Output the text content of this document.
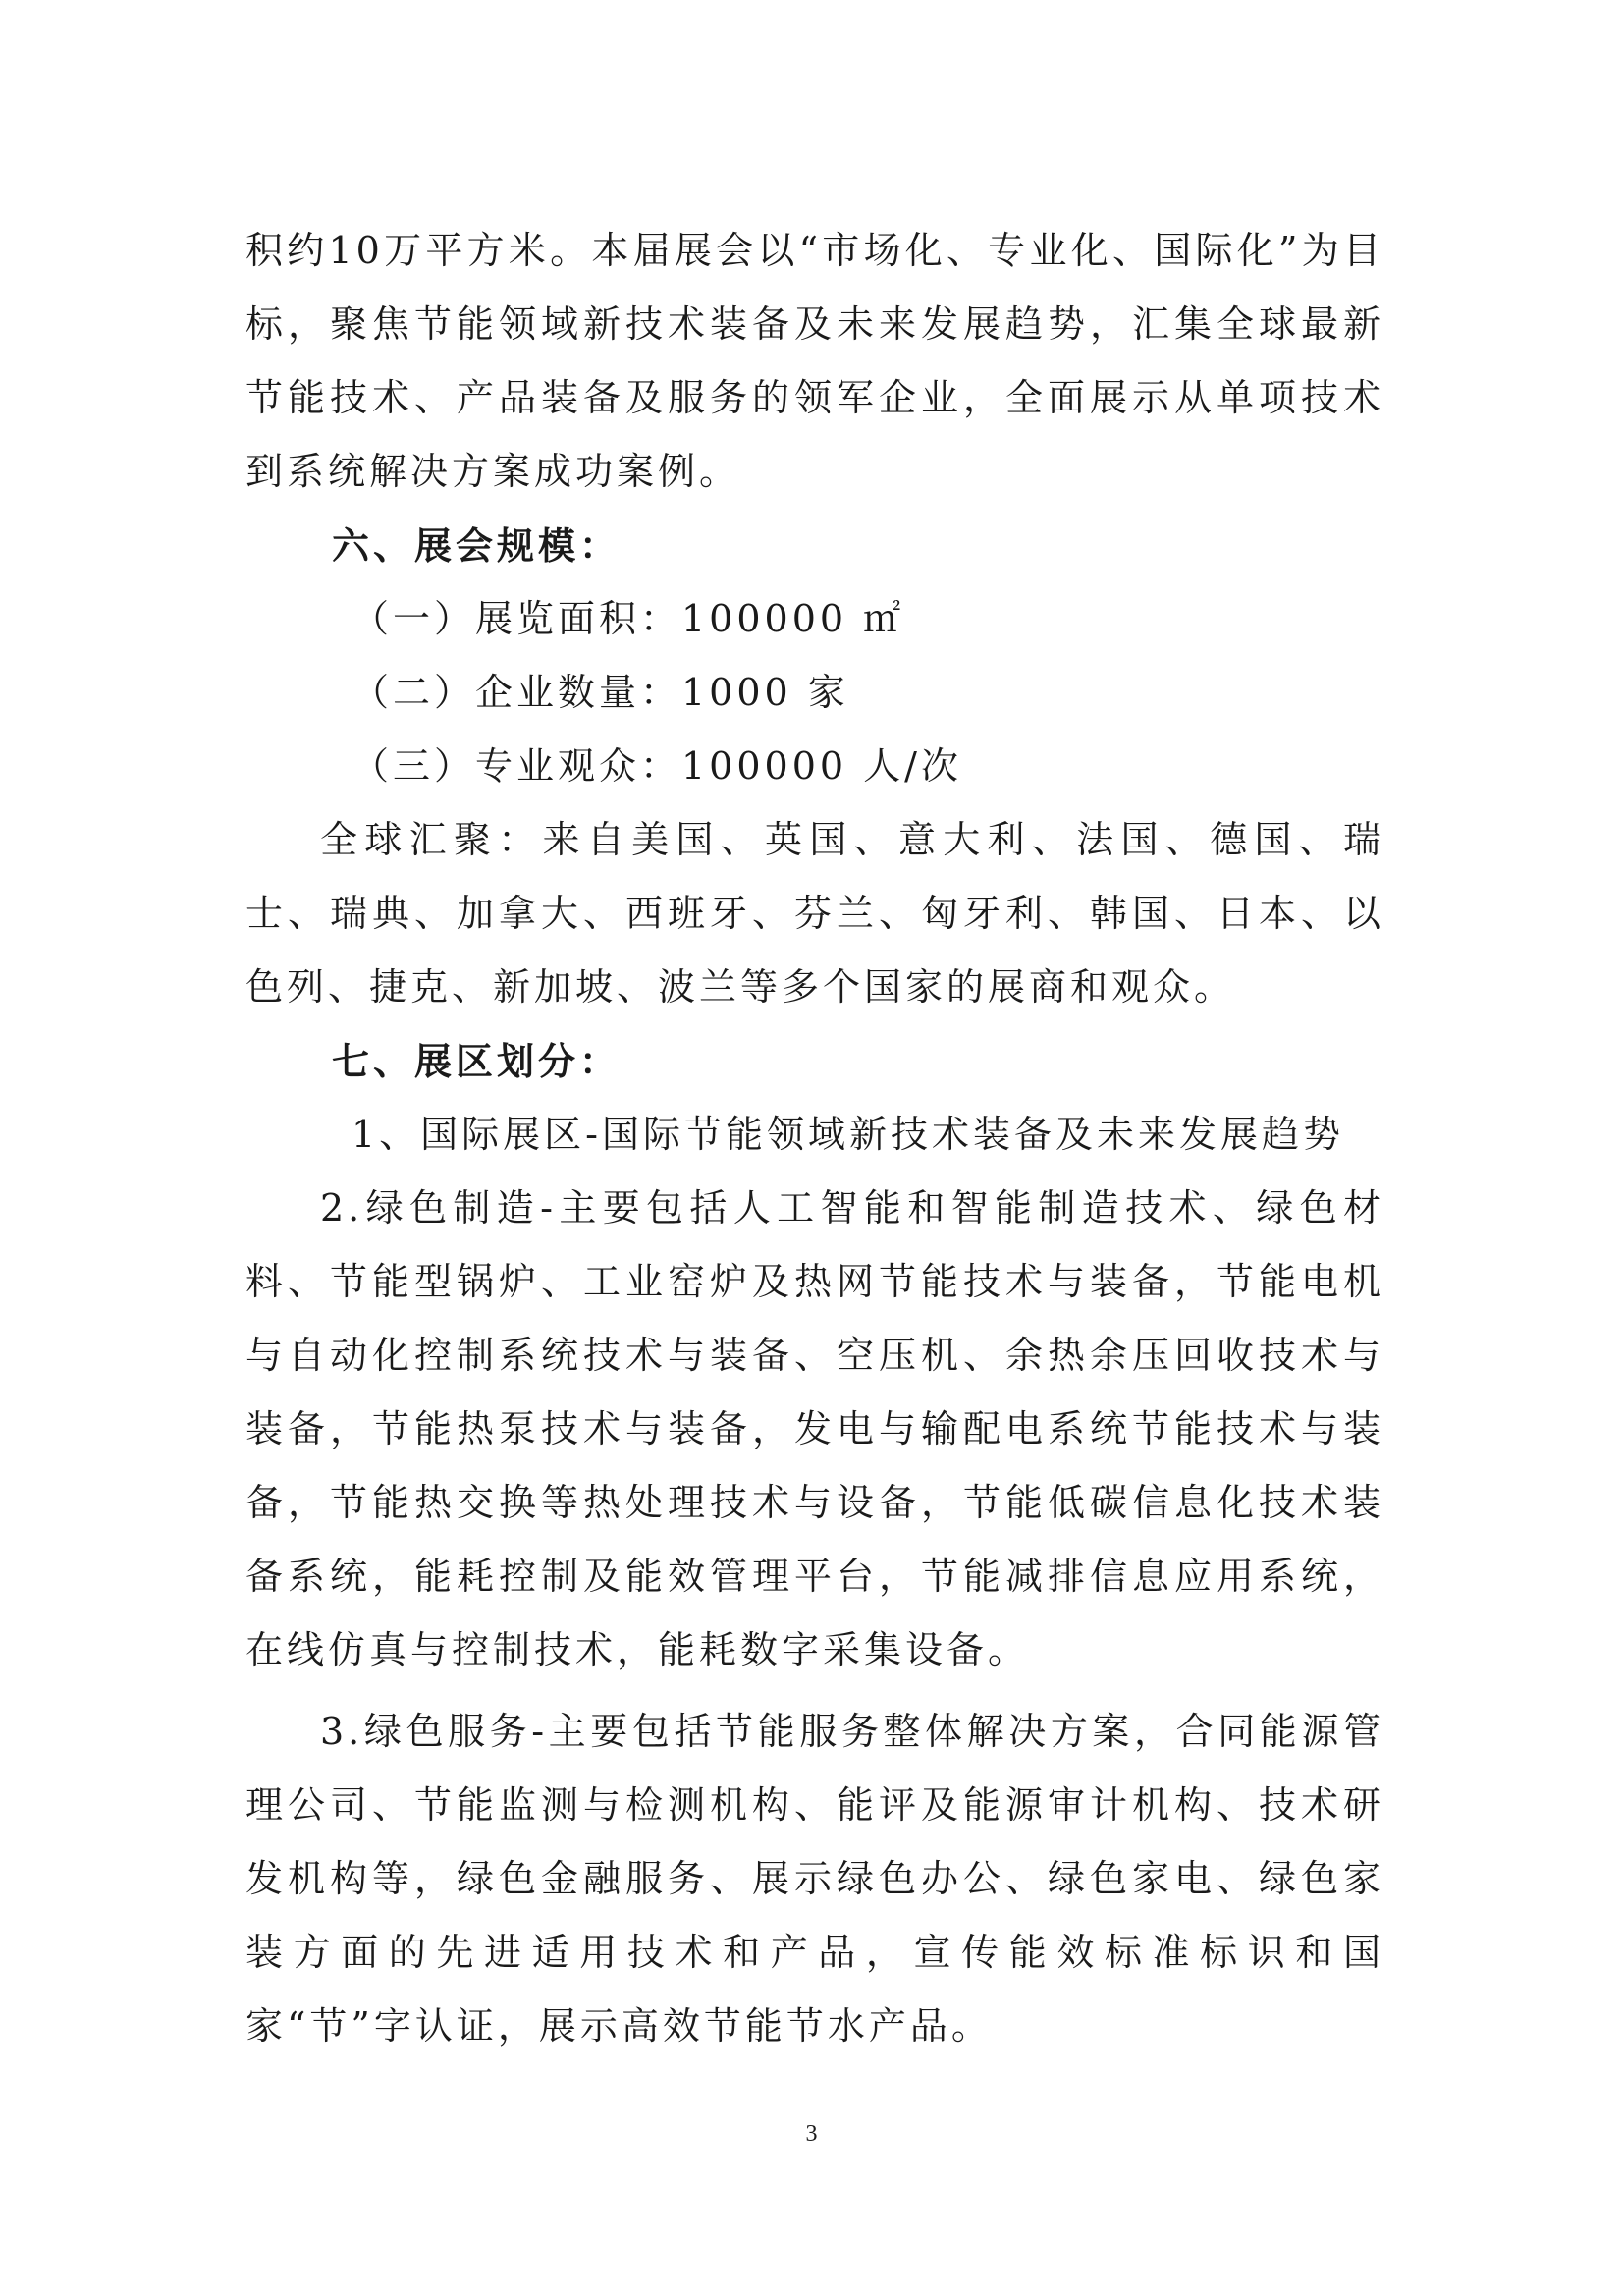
积约10万平方米。本届展会以“市场化、专业化、国际化”为目标，聚焦节能领域新技术装备及未来发展趋势，汇集全球最新节能技术、产品装备及服务的领军企业，全面展示从单项技术到系统解决方案成功案例。

六、展会规模：

（一）展览面积：100000 ㎡

（二）企业数量：1000 家

（三）专业观众：100000 人/次

全球汇聚：来自美国、英国、意大利、法国、德国、瑞士、瑞典、加拿大、西班牙、芬兰、匈牙利、韩国、日本、以色列、捷克、新加坡、波兰等多个国家的展商和观众。

七、展区划分：

1、国际展区-国际节能领域新技术装备及未来发展趋势

2.绿色制造-主要包括人工智能和智能制造技术、绿色材料、节能型锅炉、工业窑炉及热网节能技术与装备，节能电机与自动化控制系统技术与装备、空压机、余热余压回收技术与装备，节能热泵技术与装备，发电与输配电系统节能技术与装备，节能热交换等热处理技术与设备，节能低碳信息化技术装备系统，能耗控制及能效管理平台，节能减排信息应用系统，在线仿真与控制技术，能耗数字采集设备。

3.绿色服务-主要包括节能服务整体解决方案，合同能源管理公司、节能监测与检测机构、能评及能源审计机构、技术研发机构等，绿色金融服务、展示绿色办公、绿色家电、绿色家装方面的先进适用技术和产品，宣传能效标准标识和国家“节”字认证，展示高效节能节水产品。

3
